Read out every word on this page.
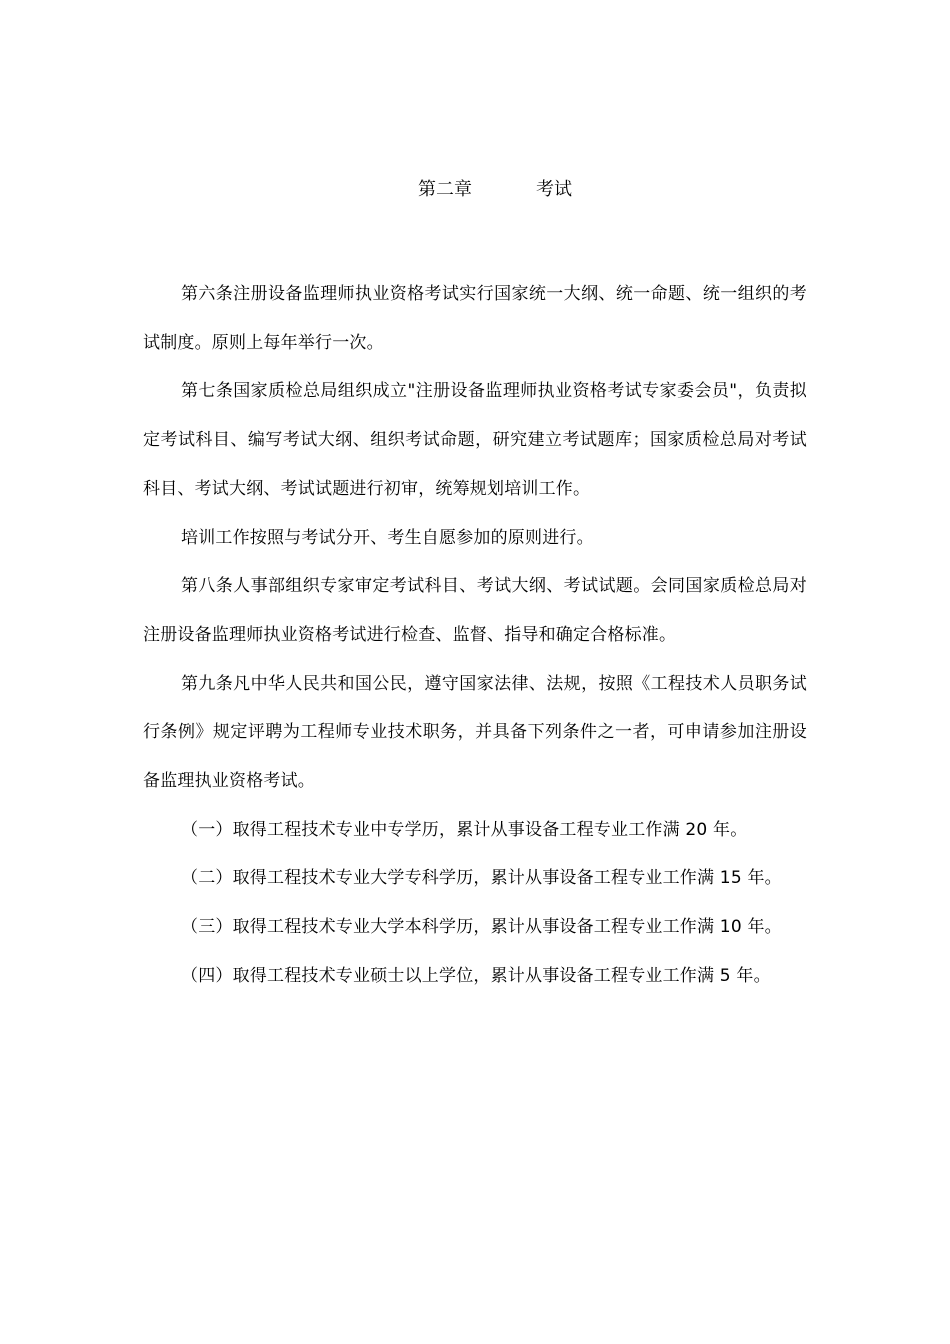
第二章	考试

第六条注册设备监理师执业资格考试实行国家统一大纲、统一命题、统一组织的考试制度。原则上每年举行一次。

第七条国家质检总局组织成立"注册设备监理师执业资格考试专家委会员"，负责拟定考试科目、编写考试大纲、组织考试命题，研究建立考试题库；国家质检总局对考试科目、考试大纲、考试试题进行初审，统筹规划培训工作。

培训工作按照与考试分开、考生自愿参加的原则进行。

第八条人事部组织专家审定考试科目、考试大纲、考试试题。会同国家质检总局对注册设备监理师执业资格考试进行检查、监督、指导和确定合格标准。

第九条凡中华人民共和国公民，遵守国家法律、法规，按照《工程技术人员职务试行条例》规定评聘为工程师专业技术职务，并具备下列条件之一者，可申请参加注册设备监理执业资格考试。

（一）取得工程技术专业中专学历，累计从事设备工程专业工作满 20 年。

（二）取得工程技术专业大学专科学历，累计从事设备工程专业工作满 15 年。

（三）取得工程技术专业大学本科学历，累计从事设备工程专业工作满 10 年。

（四）取得工程技术专业硕士以上学位，累计从事设备工程专业工作满 5 年。
